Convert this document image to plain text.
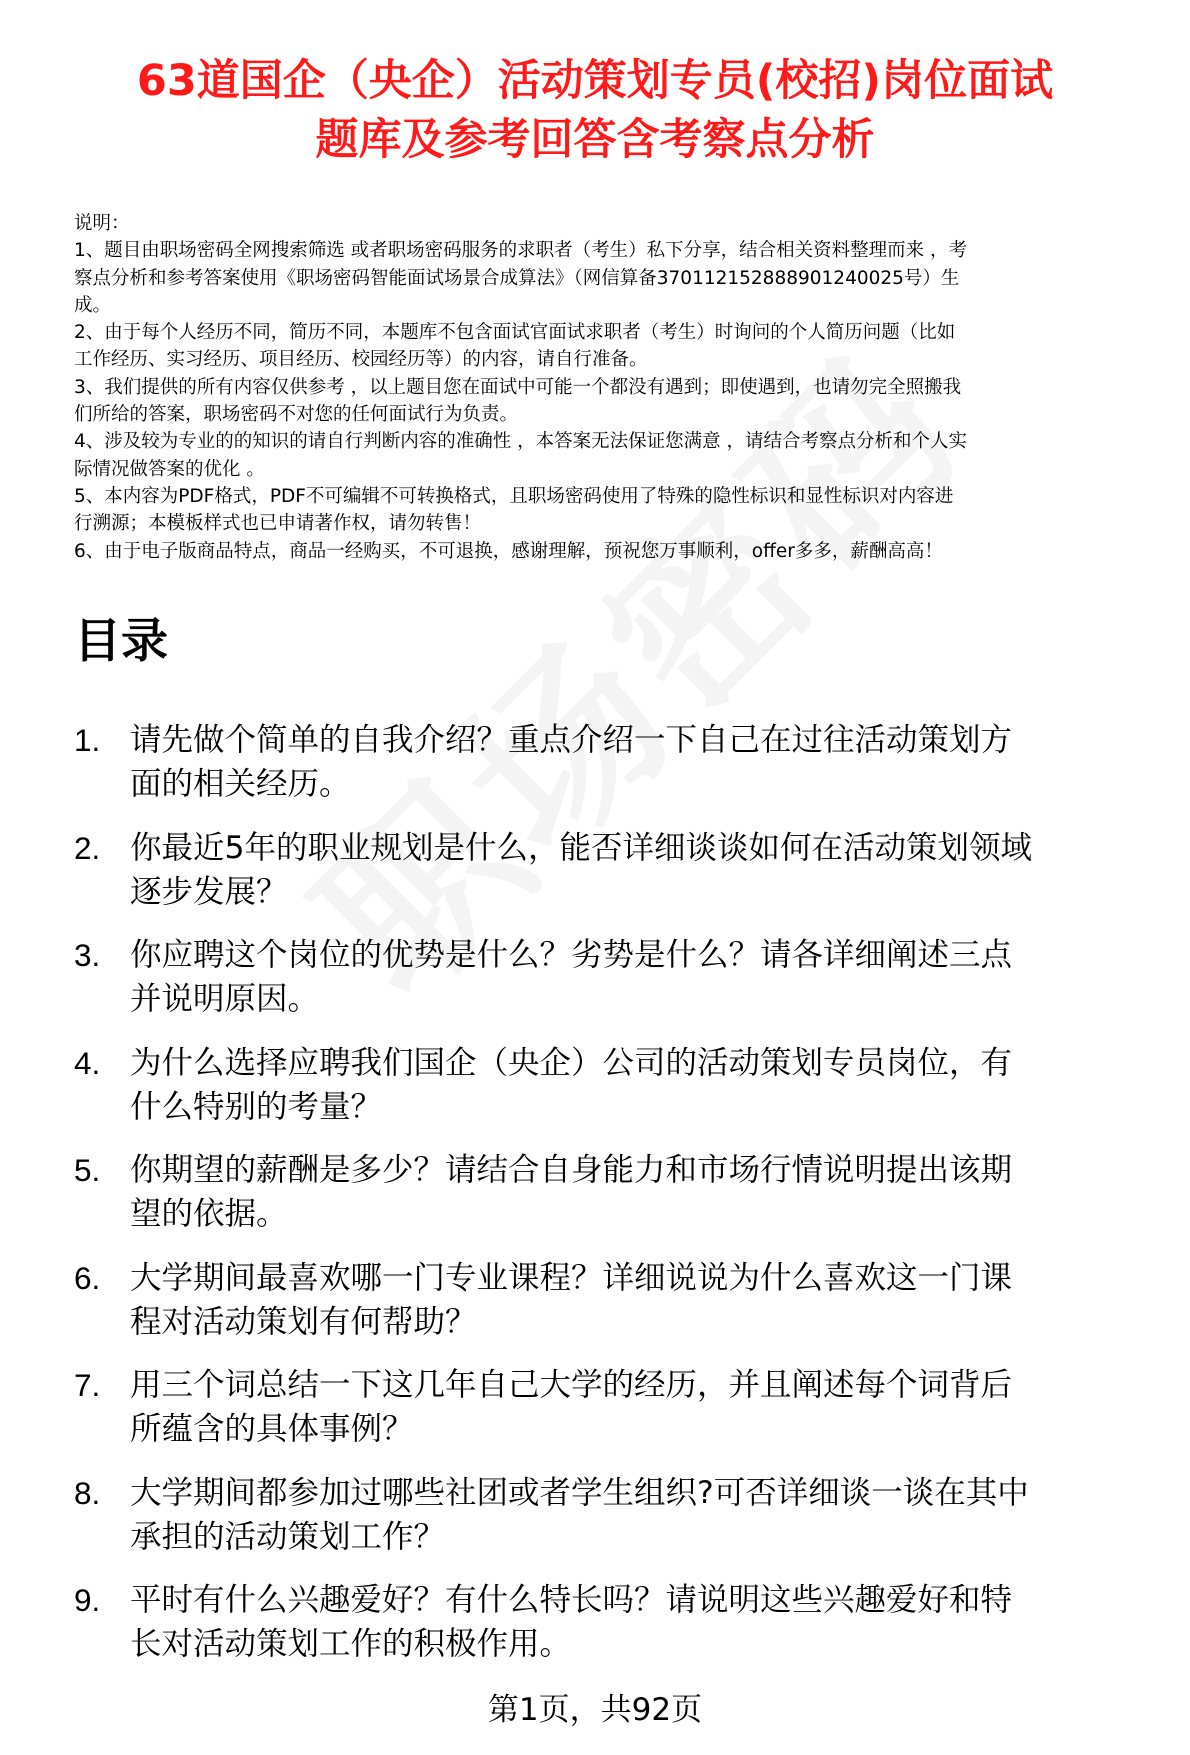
63道国企（央企）活动策划专员(校招)岗位面试
题库及参考回答含考察点分析
说明：
1、题目由职场密码全网搜索筛选 或者职场密码服务的求职者（考生）私下分享，结合相关资料整理而来 ，考
察点分析和参考答案使用《职场密码智能面试场景合成算法》（网信算备370112152888901240025号）生
成。
2、由于每个人经历不同，简历不同，本题库不包含面试官面试求职者（考生）时询问的个人简历问题（比如
工作经历、实习经历、项目经历、校园经历等）的内容，请自行准备。
3、我们提供的所有内容仅供参考 ，以上题目您在面试中可能一个都没有遇到；即使遇到，也请勿完全照搬我
们所给的答案，职场密码不对您的任何面试行为负责。
4、涉及较为专业的的知识的请自行判断内容的准确性 ，本答案无法保证您满意 ，请结合考察点分析和个人实
际情况做答案的优化 。
5、本内容为PDF格式，PDF不可编辑不可转换格式，且职场密码使用了特殊的隐性标识和显性标识对内容进
行溯源；本模板样式也已申请著作权，请勿转售！
6、由于电子版商品特点，商品一经购买，不可退换，感谢理解，预祝您万事顺利，offer多多，薪酬高高！
目录
1. 请先做个简单的自我介绍？重点介绍一下自己在过往活动策划方
面的相关经历。
2. 你最近5年的职业规划是什么，能否详细谈谈如何在活动策划领域
逐步发展？
3. 你应聘这个岗位的优势是什么？劣势是什么？请各详细阐述三点
并说明原因。
4. 为什么选择应聘我们国企（央企）公司的活动策划专员岗位，有
什么特别的考量？
5. 你期望的薪酬是多少？请结合自身能力和市场行情说明提出该期
望的依据。
6. 大学期间最喜欢哪一门专业课程？详细说说为什么喜欢这一门课
程对活动策划有何帮助？
7. 用三个词总结一下这几年自己大学的经历，并且阐述每个词背后
所蕴含的具体事例？
8. 大学期间都参加过哪些社团或者学生组织?可否详细谈一谈在其中
承担的活动策划工作？
9. 平时有什么兴趣爱好？有什么特长吗？请说明这些兴趣爱好和特
长对活动策划工作的积极作用。
第1页，共92页
